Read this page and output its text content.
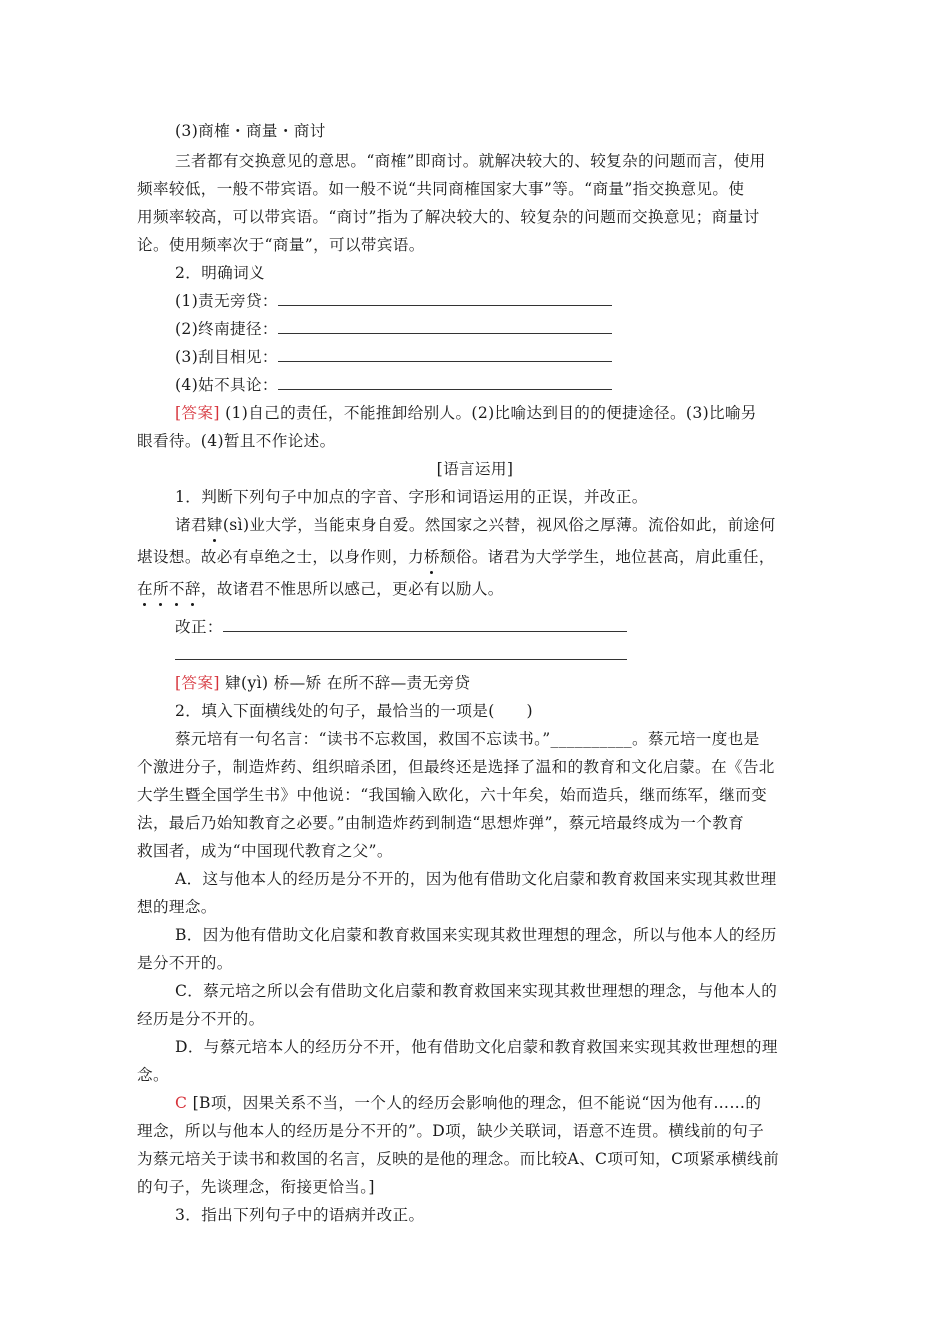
(3)商榷・商量・商讨
三者都有交换意见的意思。“商榷”即商讨。就解决较大的、较复杂的问题而言，使用
频率较低，一般不带宾语。如一般不说“共同商榷国家大事”等。“商量”指交换意见。使
用频率较高，可以带宾语。“商讨”指为了解决较大的、较复杂的问题而交换意见；商量讨
论。使用频率次于“商量”，可以带宾语。
2．明确词义
(1)责无旁贷：
(2)终南捷径：
(3)刮目相见：
(4)姑不具论：
[答案] (1)自己的责任，不能推卸给别人。(2)比喻达到目的的便捷途径。(3)比喻另
眼看待。(4)暂且不作论述。
[语言运用]
1．判断下列句子中加点的字音、字形和词语运用的正误，并改正。
诸君肄(sì)业大学，当能束身自爱。然国家之兴替，视风俗之厚薄。流俗如此，前途何
堪设想。故必有卓绝之士，以身作则，力桥颓俗。诸君为大学学生，地位甚高，肩此重任，
在所不辞，故诸君不惟思所以感己，更必有以励人。
改正：
[答案] 肄(yì) 桥—矫 在所不辞—责无旁贷
2．填入下面横线处的句子，最恰当的一项是(　　)
蔡元培有一句名言：“读书不忘救国，救国不忘读书。”__________。蔡元培一度也是
个激进分子，制造炸药、组织暗杀团，但最终还是选择了温和的教育和文化启蒙。在《告北
大学生暨全国学生书》中他说：“我国输入欧化，六十年矣，始而造兵，继而练军，继而变
法，最后乃始知教育之必要。”由制造炸药到制造“思想炸弹”，蔡元培最终成为一个教育
救国者，成为“中国现代教育之父”。
A．这与他本人的经历是分不开的，因为他有借助文化启蒙和教育救国来实现其救世理
想的理念。
B．因为他有借助文化启蒙和教育救国来实现其救世理想的理念，所以与他本人的经历
是分不开的。
C．蔡元培之所以会有借助文化启蒙和教育救国来实现其救世理想的理念，与他本人的
经历是分不开的。
D．与蔡元培本人的经历分不开，他有借助文化启蒙和教育救国来实现其救世理想的理
念。
C [B项，因果关系不当，一个人的经历会影响他的理念，但不能说“因为他有……的
理念，所以与他本人的经历是分不开的”。D项，缺少关联词，语意不连贯。横线前的句子
为蔡元培关于读书和救国的名言，反映的是他的理念。而比较A、C项可知，C项紧承横线前
的句子，先谈理念，衔接更恰当。]
3．指出下列句子中的语病并改正。
